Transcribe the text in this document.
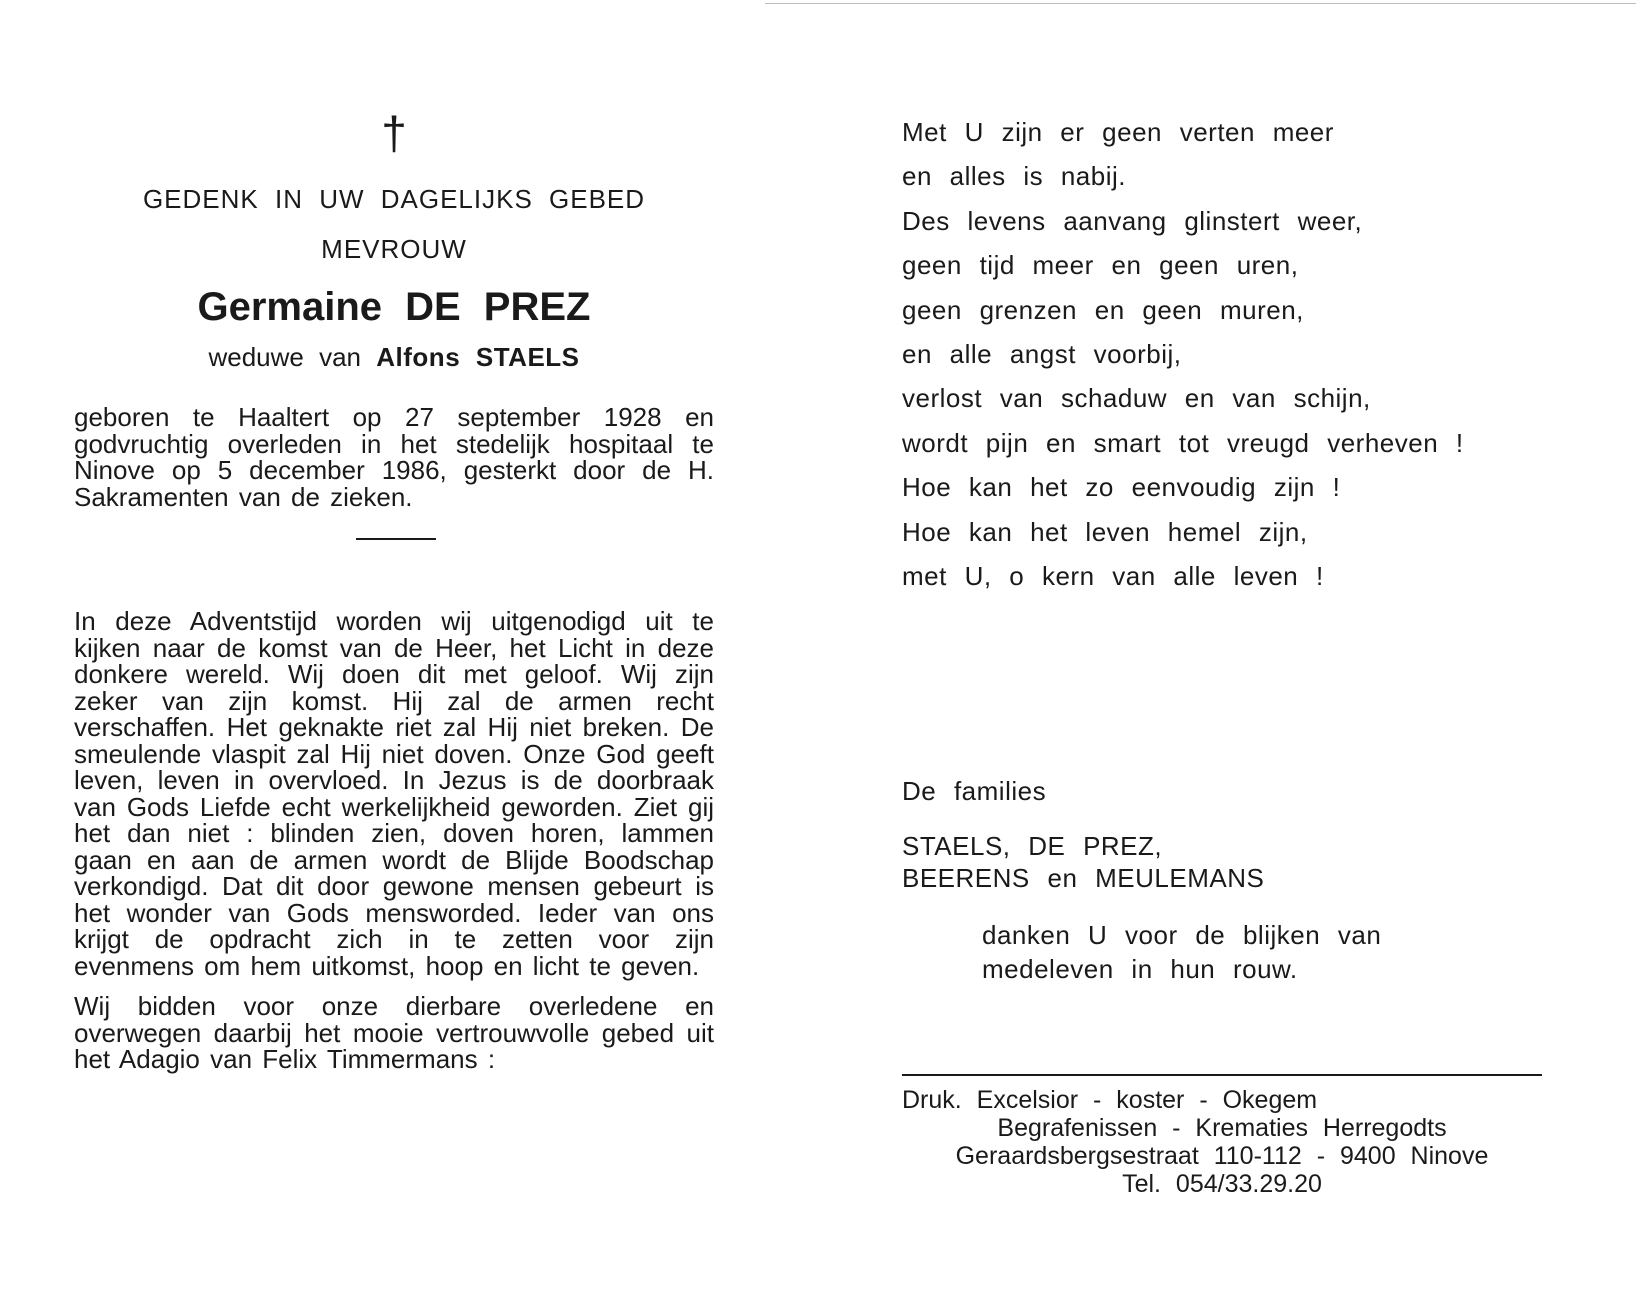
†
GEDENK IN UW DAGELIJKS GEBED
MEVROUW
Germaine DE PREZ
weduwe van Alfons STAELS
geboren te Haaltert op 27 september 1928 en godvruchtig overleden in het stedelijk hospitaal te Ninove op 5 december 1986, gesterkt door de H. Sakramenten van de zieken.
In deze Adventstijd worden wij uitgenodigd uit te kijken naar de komst van de Heer, het Licht in deze donkere wereld. Wij doen dit met geloof. Wij zijn zeker van zijn komst. Hij zal de armen recht verschaffen. Het geknakte riet zal Hij niet breken. De smeulende vlaspit zal Hij niet doven. Onze God geeft leven, leven in overvloed. In Jezus is de doorbraak van Gods Liefde echt werkelijkheid geworden. Ziet gij het dan niet : blinden zien, doven horen, lammen gaan en aan de armen wordt de Blijde Boodschap verkondigd. Dat dit door gewone mensen gebeurt is het wonder van Gods mensworded. Ieder van ons krijgt de opdracht zich in te zetten voor zijn evenmens om hem uitkomst, hoop en licht te geven.
Wij bidden voor onze dierbare overledene en overwegen daarbij het mooie vertrouwvolle gebed uit het Adagio van Felix Timmermans :
Met U zijn er geen verten meer
en alles is nabij.
Des levens aanvang glinstert weer,
geen tijd meer en geen uren,
geen grenzen en geen muren,
en alle angst voorbij,
verlost van schaduw en van schijn,
wordt pijn en smart tot vreugd verheven !
Hoe kan het zo eenvoudig zijn !
Hoe kan het leven hemel zijn,
met U, o kern van alle leven !
De families
STAELS, DE PREZ,
BEERENS en MEULEMANS
danken U voor de blijken van
medeleven in hun rouw.
Druk. Excelsior - koster - Okegem
Begrafenissen - Krematies Herregodts
Geraardsbergsestraat 110-112 - 9400 Ninove
Tel. 054/33.29.20
